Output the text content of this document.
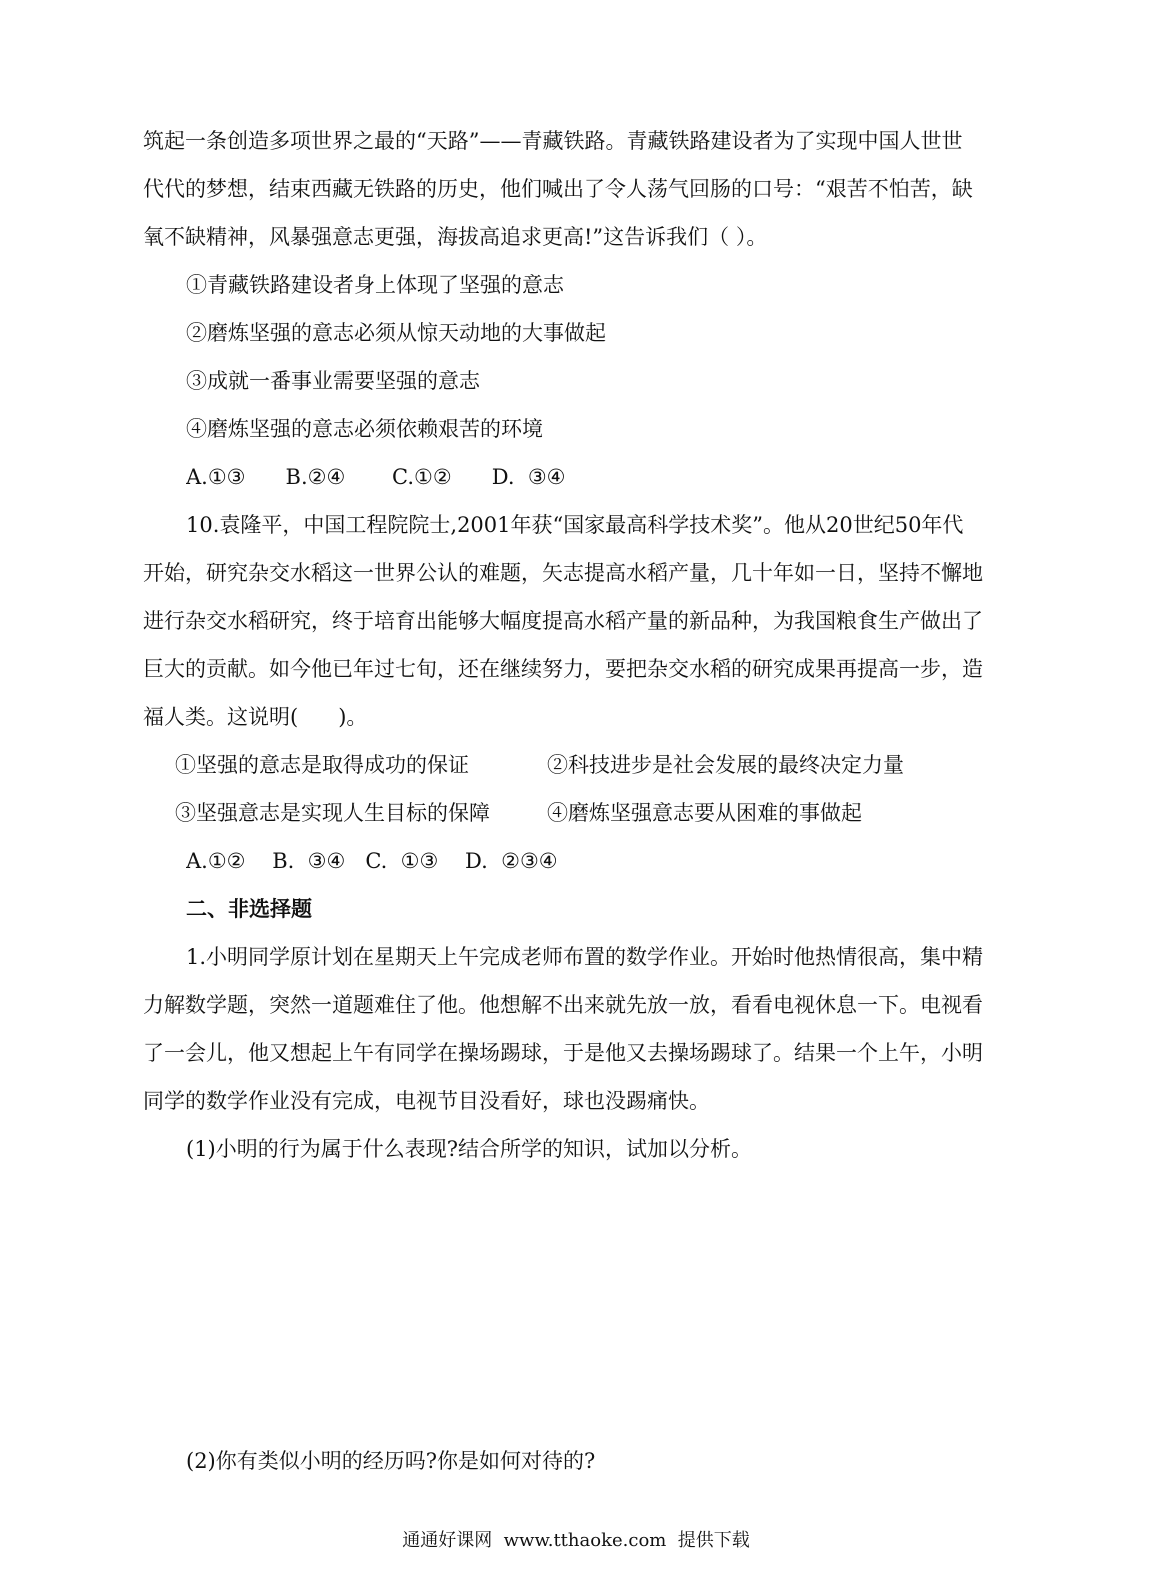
筑起一条创造多项世界之最的“天路”——青藏铁路。青藏铁路建设者为了实现中国人世世
代代的梦想，结束西藏无铁路的历史，他们喊出了令人荡气回肠的口号：“艰苦不怕苦，缺
氧不缺精神，风暴强意志更强，海拔高追求更高!”这告诉我们（ ）。
①青藏铁路建设者身上体现了坚强的意志
②磨炼坚强的意志必须从惊天动地的大事做起
③成就一番事业需要坚强的意志
④磨炼坚强的意志必须依赖艰苦的环境
A.①③      B.②④       C.①②      D.  ③④
10.袁隆平，中国工程院院士,2001年获“国家最高科学技术奖”。他从20世纪50年代
开始，研究杂交水稻这一世界公认的难题，矢志提高水稻产量，几十年如一日，坚持不懈地
进行杂交水稻研究，终于培育出能够大幅度提高水稻产量的新品种，为我国粮食生产做出了
巨大的贡献。如今他已年过七旬，还在继续努力，要把杂交水稻的研究成果再提高一步，造
福人类。这说明(      )。
①坚强的意志是取得成功的保证	②科技进步是社会发展的最终决定力量
③坚强意志是实现人生目标的保障	④磨炼坚强意志要从困难的事做起
A.①②    B.  ③④   C.  ①③    D.  ②③④
二、非选择题
1.小明同学原计划在星期天上午完成老师布置的数学作业。开始时他热情很高，集中精
力解数学题，突然一道题难住了他。他想解不出来就先放一放，看看电视休息一下。电视看
了一会儿，他又想起上午有同学在操场踢球，于是他又去操场踢球了。结果一个上午，小明
同学的数学作业没有完成，电视节目没看好，球也没踢痛快。
(1)小明的行为属于什么表现?结合所学的知识，试加以分析。
(2)你有类似小明的经历吗?你是如何对待的?
通通好课网  www.tthaoke.com  提供下载
